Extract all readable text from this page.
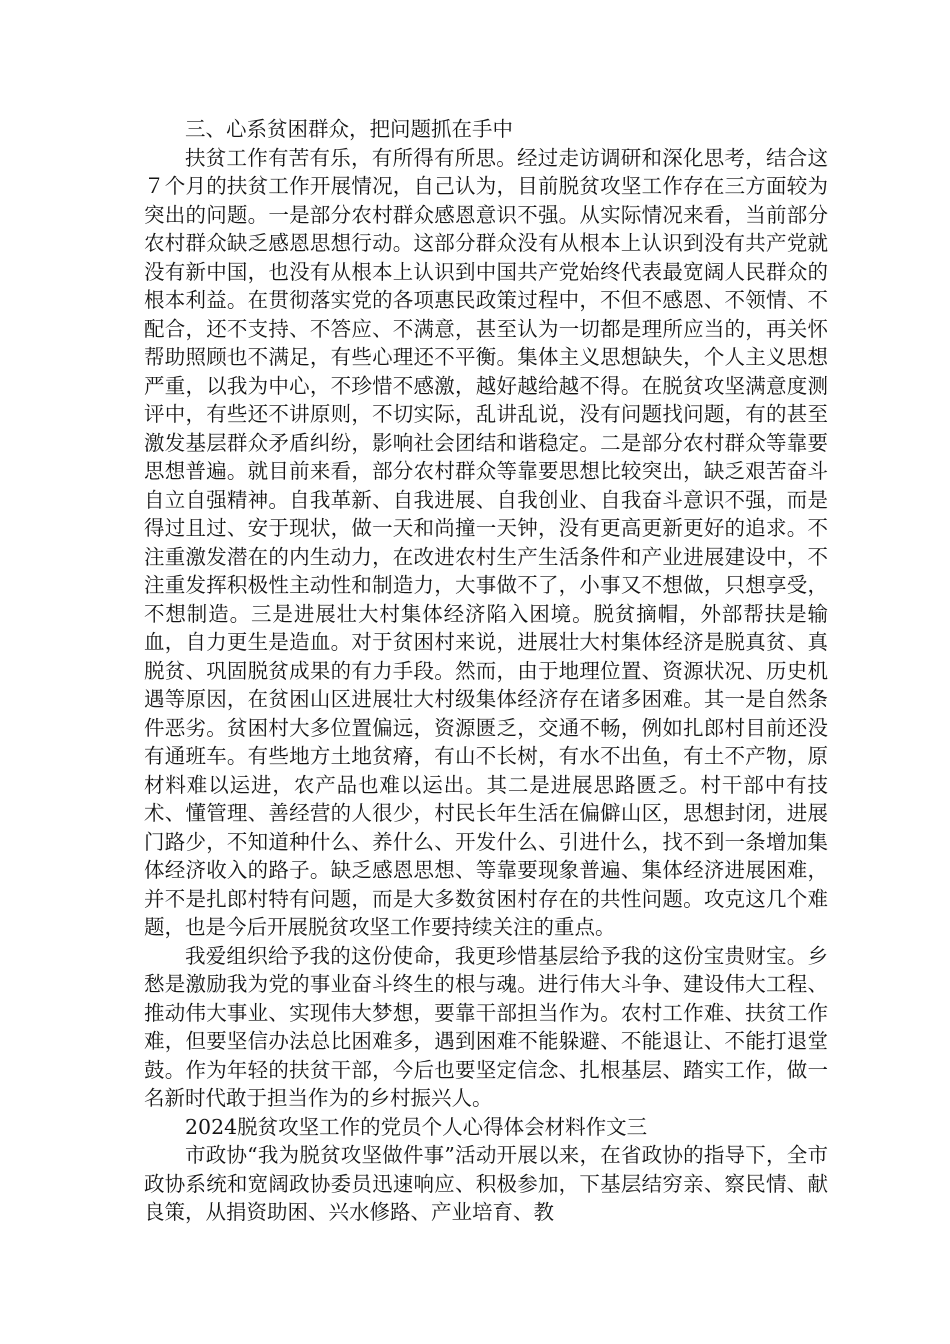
三、心系贫困群众，把问题抓在手中

扶贫工作有苦有乐，有所得有所思。经过走访调研和深化思考，结合这７个月的扶贫工作开展情况，自己认为，目前脱贫攻坚工作存在三方面较为突出的问题。一是部分农村群众感恩意识不强。从实际情况来看，当前部分农村群众缺乏感恩思想行动。这部分群众没有从根本上认识到没有共产党就没有新中国，也没有从根本上认识到中国共产党始终代表最宽阔人民群众的根本利益。在贯彻落实党的各项惠民政策过程中，不但不感恩、不领情、不配合，还不支持、不答应、不满意，甚至认为一切都是理所应当的，再关怀帮助照顾也不满足，有些心理还不平衡。集体主义思想缺失，个人主义思想严重，以我为中心，不珍惜不感激，越好越给越不得。在脱贫攻坚满意度测评中，有些还不讲原则，不切实际，乱讲乱说，没有问题找问题，有的甚至激发基层群众矛盾纠纷，影响社会团结和谐稳定。二是部分农村群众等靠要思想普遍。就目前来看，部分农村群众等靠要思想比较突出，缺乏艰苦奋斗自立自强精神。自我革新、自我进展、自我创业、自我奋斗意识不强，而是得过且过、安于现状，做一天和尚撞一天钟，没有更高更新更好的追求。不注重激发潜在的内生动力，在改进农村生产生活条件和产业进展建设中，不注重发挥积极性主动性和制造力，大事做不了，小事又不想做，只想享受，不想制造。三是进展壮大村集体经济陷入困境。脱贫摘帽，外部帮扶是输血，自力更生是造血。对于贫困村来说，进展壮大村集体经济是脱真贫、真脱贫、巩固脱贫成果的有力手段。然而，由于地理位置、资源状况、历史机遇等原因，在贫困山区进展壮大村级集体经济存在诸多困难。其一是自然条件恶劣。贫困村大多位置偏远，资源匮乏，交通不畅，例如扎郎村目前还没有通班车。有些地方土地贫瘠，有山不长树，有水不出鱼，有土不产物，原材料难以运进，农产品也难以运出。其二是进展思路匮乏。村干部中有技术、懂管理、善经营的人很少，村民长年生活在偏僻山区，思想封闭，进展门路少，不知道种什么、养什么、开发什么、引进什么，找不到一条增加集体经济收入的路子。缺乏感恩思想、等靠要现象普遍、集体经济进展困难，并不是扎郎村特有问题，而是大多数贫困村存在的共性问题。攻克这几个难题，也是今后开展脱贫攻坚工作要持续关注的重点。

我爱组织给予我的这份使命，我更珍惜基层给予我的这份宝贵财宝。乡愁是激励我为党的事业奋斗终生的根与魂。进行伟大斗争、建设伟大工程、推动伟大事业、实现伟大梦想，要靠干部担当作为。农村工作难、扶贫工作难，但要坚信办法总比困难多，遇到困难不能躲避、不能退让、不能打退堂鼓。作为年轻的扶贫干部，今后也要坚定信念、扎根基层、踏实工作，做一名新时代敢于担当作为的乡村振兴人。

2024脱贫攻坚工作的党员个人心得体会材料作文三

市政协“我为脱贫攻坚做件事”活动开展以来，在省政协的指导下，全市政协系统和宽阔政协委员迅速响应、积极参加，下基层结穷亲、察民情、献良策，从捐资助困、兴水修路、产业培育、教
